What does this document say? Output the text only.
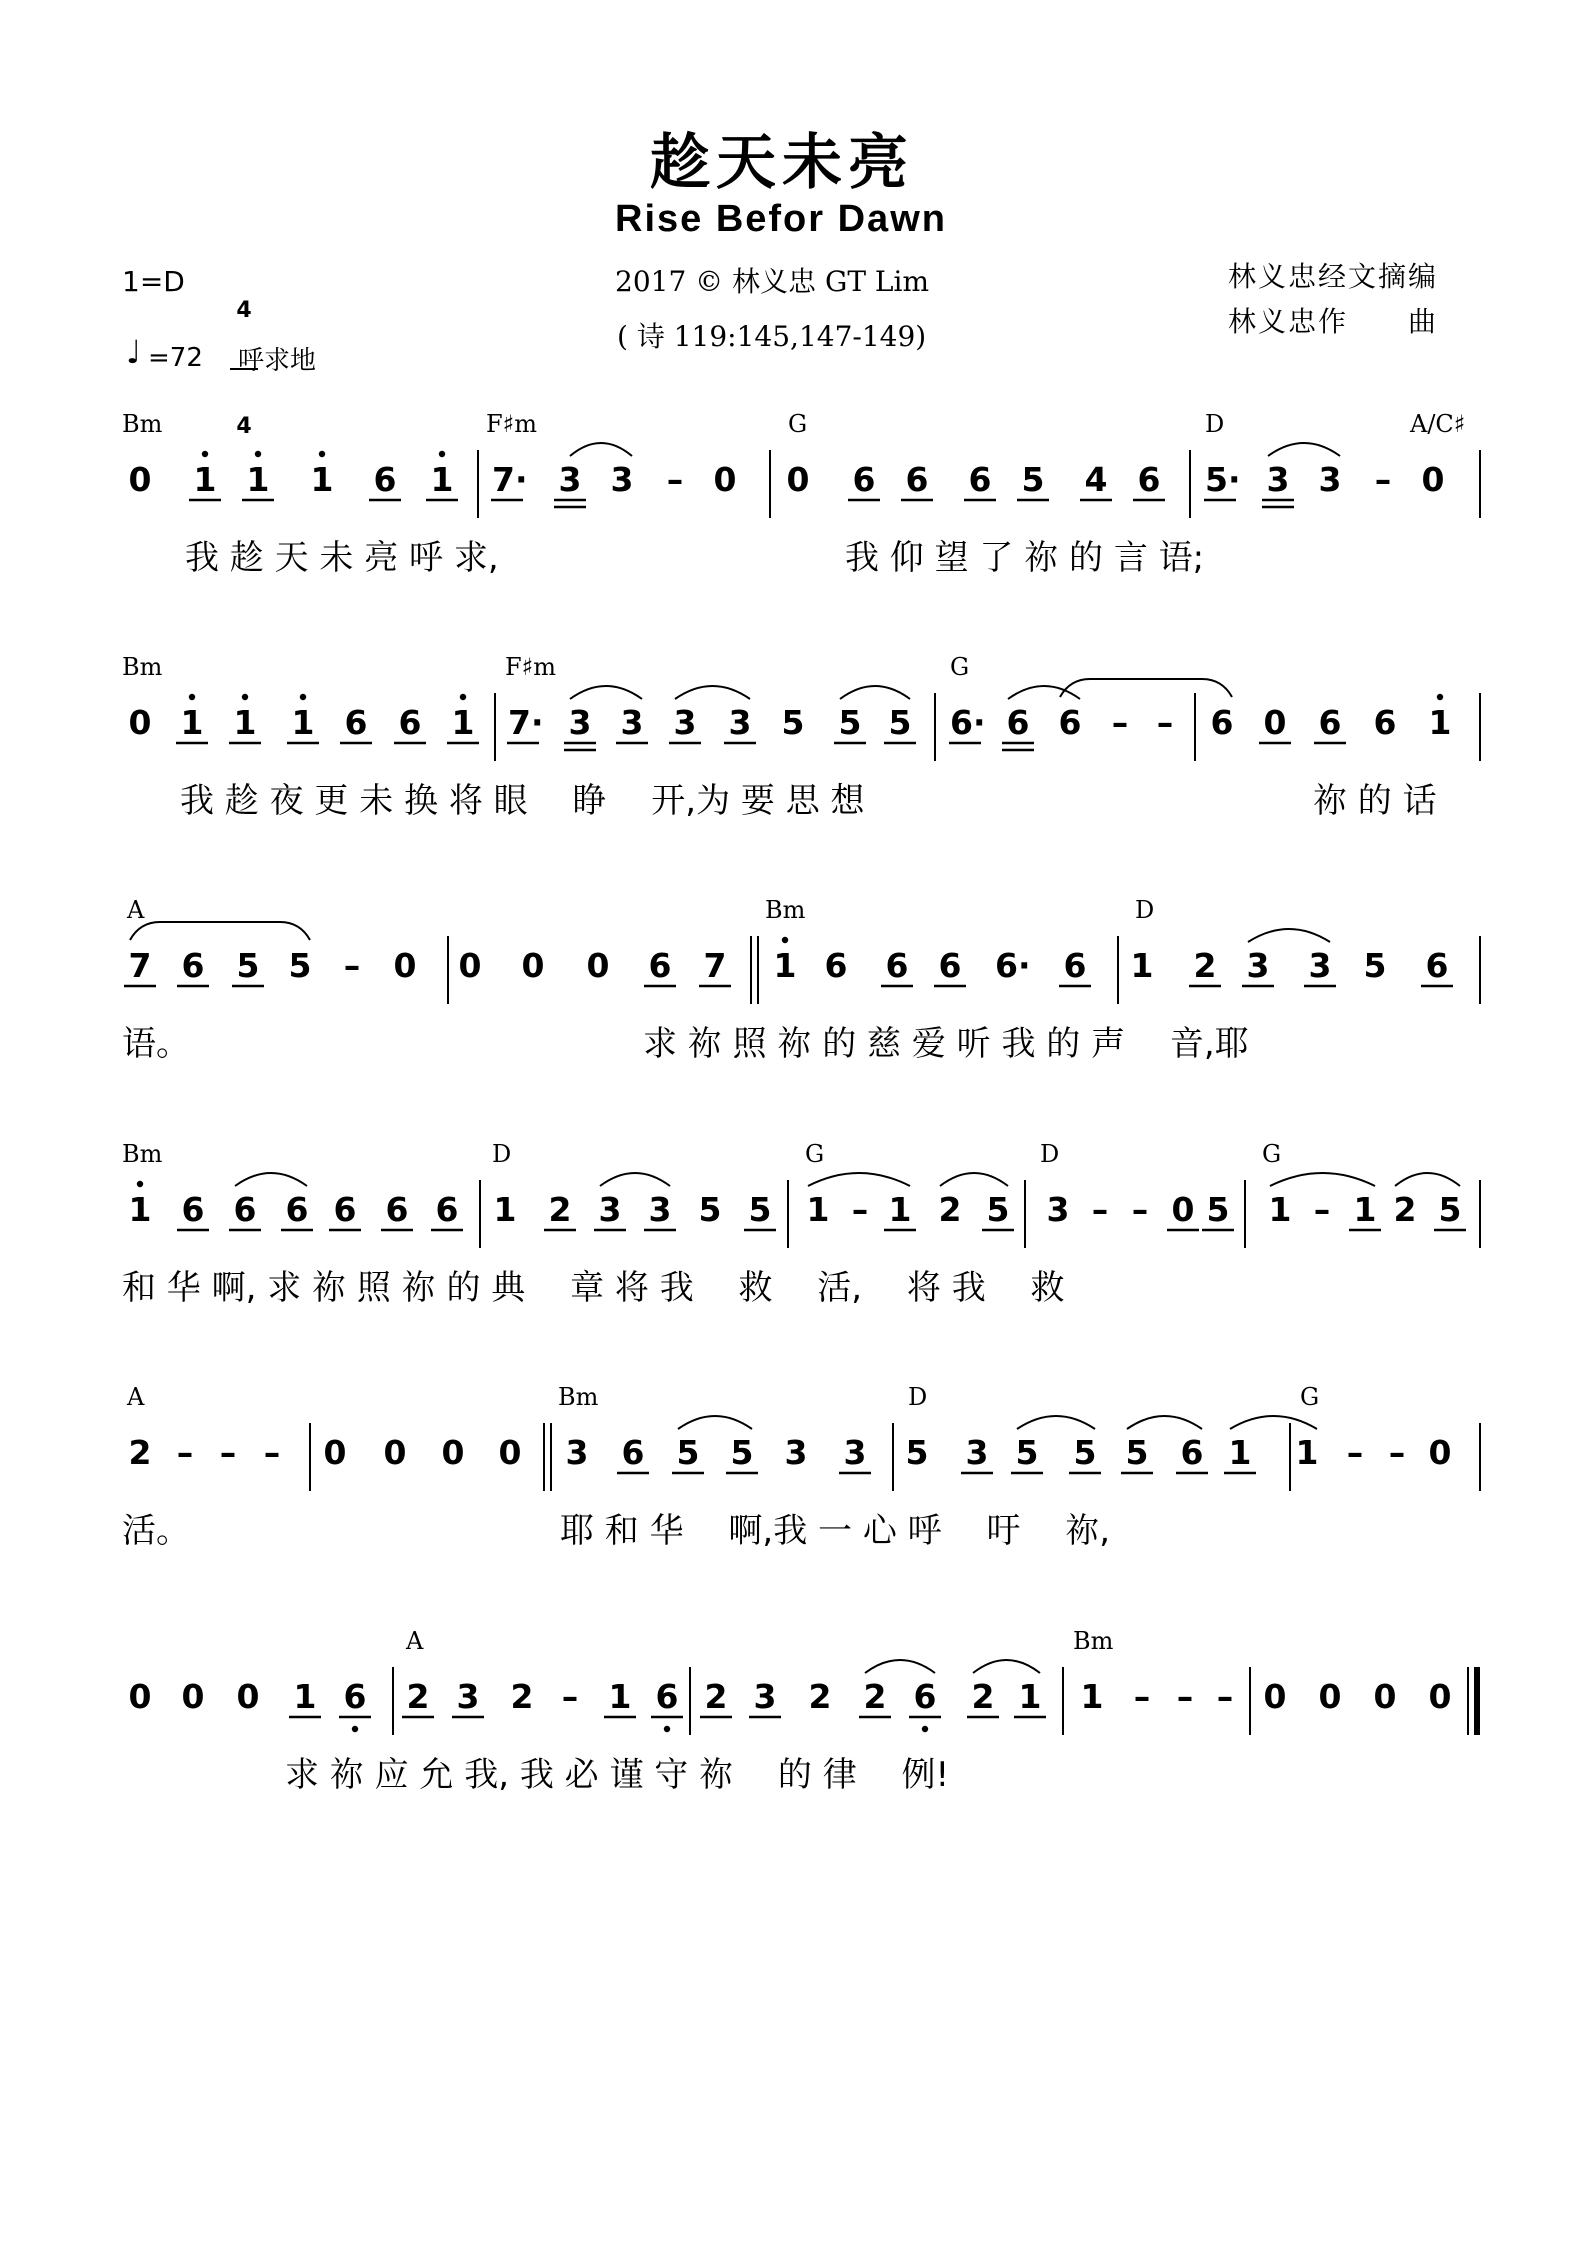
趁天未亮
Rise Befor Dawn
2017 © 林义忠 GT Lim
( 诗 119:145,147-149)
林义忠经文摘编
林义忠作　　曲
1=D

4

4

♩ =72 呼求地
Bm	F♯m	G	D	A/C♯
0 1 1 1 6 1 7· 3 3 – 0 0 6 6 6 5 4 6 5· 3 3 – 0
我 趁 天 未 亮 呼 求,	我 仰 望 了 祢 的 言 语;
Bm	F♯m	G
0 1 1 1 6 6 1 7· 3 3 3 3 5 5 5 6· 6 6 – – 6 0 6 6 1
我 趁 夜 更 未 换 将 眼　 睁　 开,为 要 思 想	祢 的 话
A	Bm	D
7 6 5 5 – 0 0 0 0 6 7 1 6 6 6 6· 6 1 2 3 3 5 6
语。	求 祢 照 祢 的 慈 爱 听 我 的 声　 音,耶
Bm	D	G	D	G
1 6 6 6 6 6 6 1 2 3 3 5 5 1 – 1 2 5 3 – – 0 5 1 – 1 2 5
和 华 啊, 求 祢 照 祢 的 典　 章 将 我　 救　 活,　 将 我　 救
A	Bm	D	G
2 – – – 0 0 0 0 3 6 5 5 3 3 5 3 5 5 5 6 1 1 – – 0
活。	耶 和 华　 啊,我 一 心 呼　 吁　 祢,
A	Bm
0 0 0 1 6 2 3 2 – 1 6 2 3 2 2 6 2 1 1 – – – 0 0 0 0
求 祢 应 允 我, 我 必 谨 守 祢　 的 律　 例!
